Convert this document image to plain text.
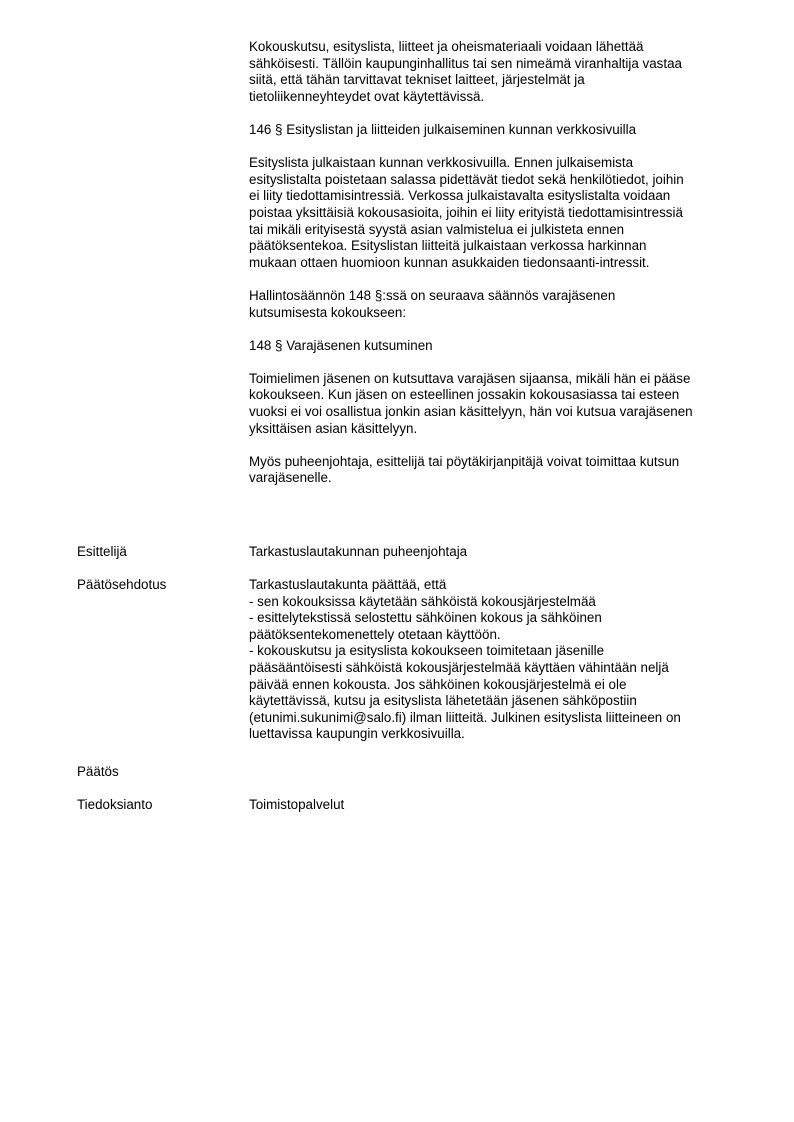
Kokouskutsu, esityslista, liitteet ja oheismateriaali voidaan lähettää
sähköisesti. Tällöin kaupunginhallitus tai sen nimeämä viranhaltija vastaa
siitä, että tähän tarvittavat tekniset laitteet, järjestelmät ja
tietoliikenneyhteydet ovat käytettävissä.

146 § Esityslistan ja liitteiden julkaiseminen kunnan verkkosivuilla

Esityslista julkaistaan kunnan verkkosivuilla. Ennen julkaisemista
esityslistalta poistetaan salassa pidettävät tiedot sekä henkilötiedot, joihin
ei liity tiedottamisintressiä. Verkossa julkaistavalta esityslistalta voidaan
poistaa yksittäisiä kokousasioita, joihin ei liity erityistä tiedottamisintressiä
tai mikäli erityisestä syystä asian valmistelua ei julkisteta ennen
päätöksentekoa. Esityslistan liitteitä julkaistaan verkossa harkinnan
mukaan ottaen huomioon kunnan asukkaiden tiedonsaanti-intressit.

Hallintosäännön 148 §:ssä on seuraava säännös varajäsenen
kutsumisesta kokoukseen:

148 § Varajäsenen kutsuminen

Toimielimen jäsenen on kutsuttava varajäsen sijaansa, mikäli hän ei pääse
kokoukseen. Kun jäsen on esteellinen jossakin kokousasiassa tai esteen
vuoksi ei voi osallistua jonkin asian käsittelyyn, hän voi kutsua varajäsenen
yksittäisen asian käsittelyyn.

Myös puheenjohtaja, esittelijä tai pöytäkirjanpitäjä voivat toimittaa kutsun
varajäsenelle.

Esittelijä	Tarkastuslautakunnan puheenjohtaja
Päätösehdotus	Tarkastuslautakunta päättää, että
- sen kokouksissa käytetään sähköistä kokousjärjestelmää
- esittelytekstissä selostettu sähköinen kokous ja sähköinen
päätöksentekomenettely otetaan käyttöön.
- kokouskutsu ja esityslista kokoukseen toimitetaan jäsenille
pääsääntöisesti sähköistä kokousjärjestelmää käyttäen vähintään neljä
päivää ennen kokousta. Jos sähköinen kokousjärjestelmä ei ole
käytettävissä, kutsu ja esityslista lähetetään jäsenen sähköpostiin
(etunimi.sukunimi@salo.fi) ilman liitteitä. Julkinen esityslista liitteineen on
luettavissa kaupungin verkkosivuilla.
Päätös
Tiedoksianto	Toimistopalvelut
